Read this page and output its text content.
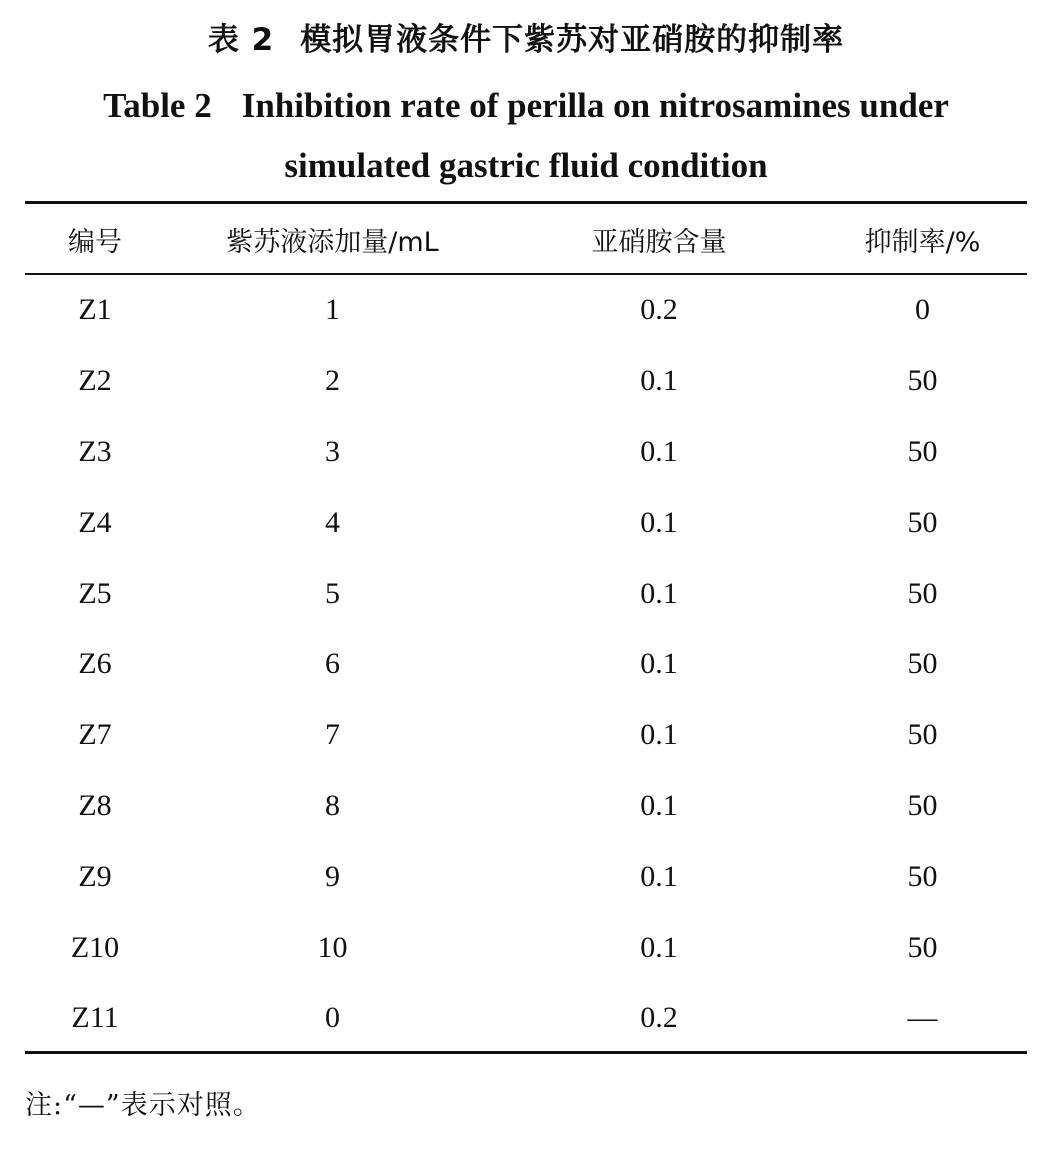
表 2 模拟胃液条件下紫苏对亚硝胺的抑制率
Table 2 Inhibition rate of perilla on nitrosamines under
simulated gastric fluid condition
编号	紫苏液添加量/mL	亚硝胺含量	抑制率/%
Z1	1	0.2	0
Z2	2	0.1	50
Z3	3	0.1	50
Z4	4	0.1	50
Z5	5	0.1	50
Z6	6	0.1	50
Z7	7	0.1	50
Z8	8	0.1	50
Z9	9	0.1	50
Z10	10	0.1	50
Z11	0	0.2	—
注:“—”表示对照。
